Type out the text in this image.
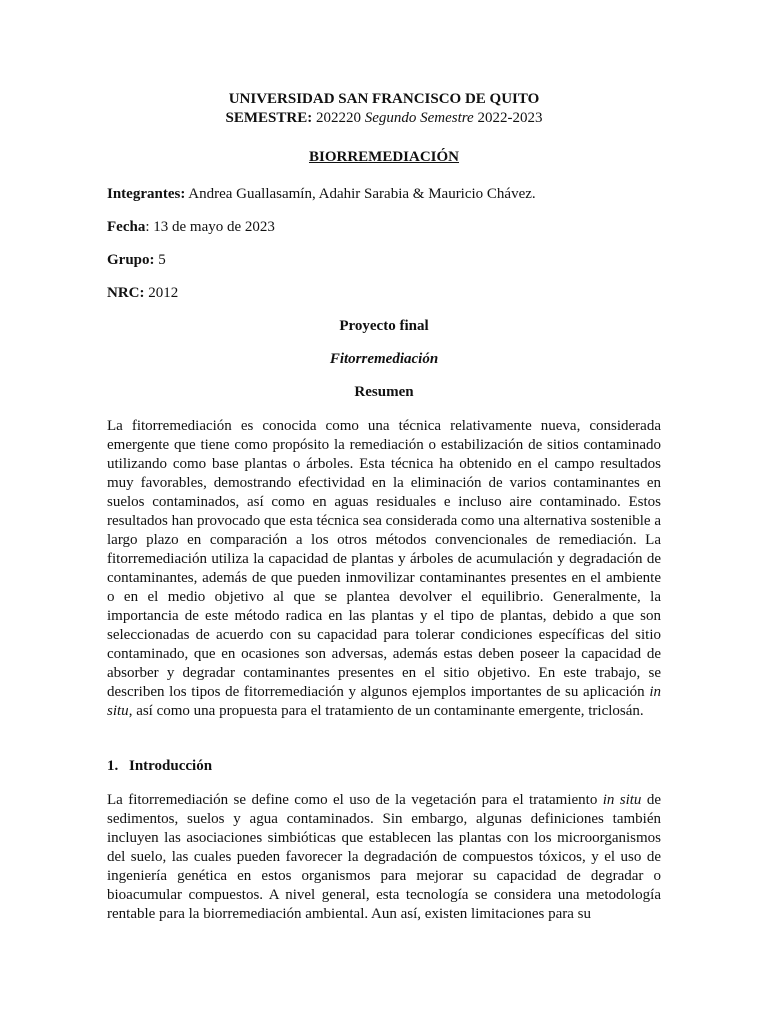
UNIVERSIDAD SAN FRANCISCO DE QUITO

SEMESTRE: 202220 Segundo Semestre 2022-2023

BIORREMEDIACIÓN

Integrantes: Andrea Guallasamín, Adahir Sarabia & Mauricio Chávez.

Fecha: 13 de mayo de 2023

Grupo: 5

NRC: 2012

Proyecto final

Fitorremediación

Resumen

La fitorremediación es conocida como una técnica relativamente nueva, considerada emergente que tiene como propósito la remediación o estabilización de sitios contaminado utilizando como base plantas o árboles. Esta técnica ha obtenido en el campo resultados muy favorables, demostrando efectividad en la eliminación de varios contaminantes en suelos contaminados, así como en aguas residuales e incluso aire contaminado. Estos resultados han provocado que esta técnica sea considerada como una alternativa sostenible a largo plazo en comparación a los otros métodos convencionales de remediación. La fitorremediación utiliza la capacidad de plantas y árboles de acumulación y degradación de contaminantes, además de que pueden inmovilizar contaminantes presentes en el ambiente o en el medio objetivo al que se plantea devolver el equilibrio. Generalmente, la importancia de este método radica en las plantas y el tipo de plantas, debido a que son seleccionadas de acuerdo con su capacidad para tolerar condiciones específicas del sitio contaminado, que en ocasiones son adversas, además estas deben poseer la capacidad de absorber y degradar contaminantes presentes en el sitio objetivo. En este trabajo, se describen los tipos de fitorremediación y algunos ejemplos importantes de su aplicación in situ, así como una propuesta para el tratamiento de un contaminante emergente, triclosán.

1. Introducción

La fitorremediación se define como el uso de la vegetación para el tratamiento in situ de sedimentos, suelos y agua contaminados. Sin embargo, algunas definiciones también incluyen las asociaciones simbióticas que establecen las plantas con los microorganismos del suelo, las cuales pueden favorecer la degradación de compuestos tóxicos, y el uso de ingeniería genética en estos organismos para mejorar su capacidad de degradar o bioacumular compuestos. A nivel general, esta tecnología se considera una metodología rentable para la biorremediación ambiental. Aun así, existen limitaciones para su
